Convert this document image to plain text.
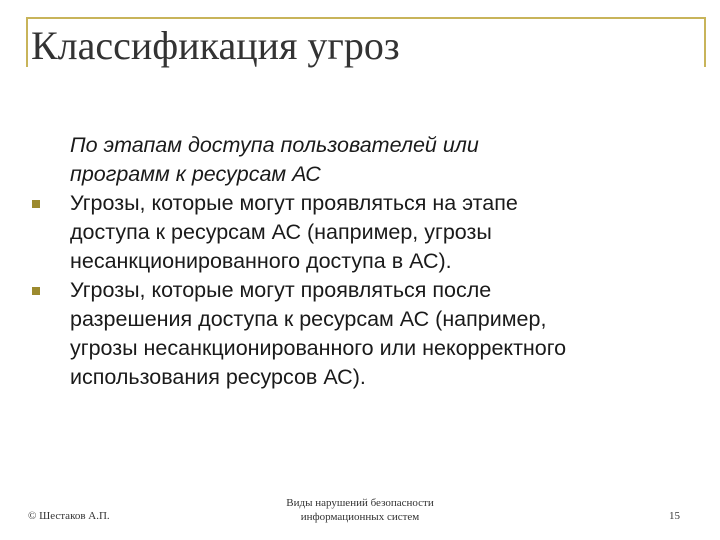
Классификация угроз

По этапам доступа пользователей или
программ к ресурсам АС

Угрозы, которые могут проявляться на этапе
доступа к ресурсам АС (например, угрозы
несанкционированного доступа в АС).
Угрозы, которые могут проявляться после
разрешения доступа к ресурсам АС (например,
угрозы несанкционированного или некорректного
использования ресурсов АС).
© Шестаков А.П.
Виды нарушений безопасности
информационных систем	15
